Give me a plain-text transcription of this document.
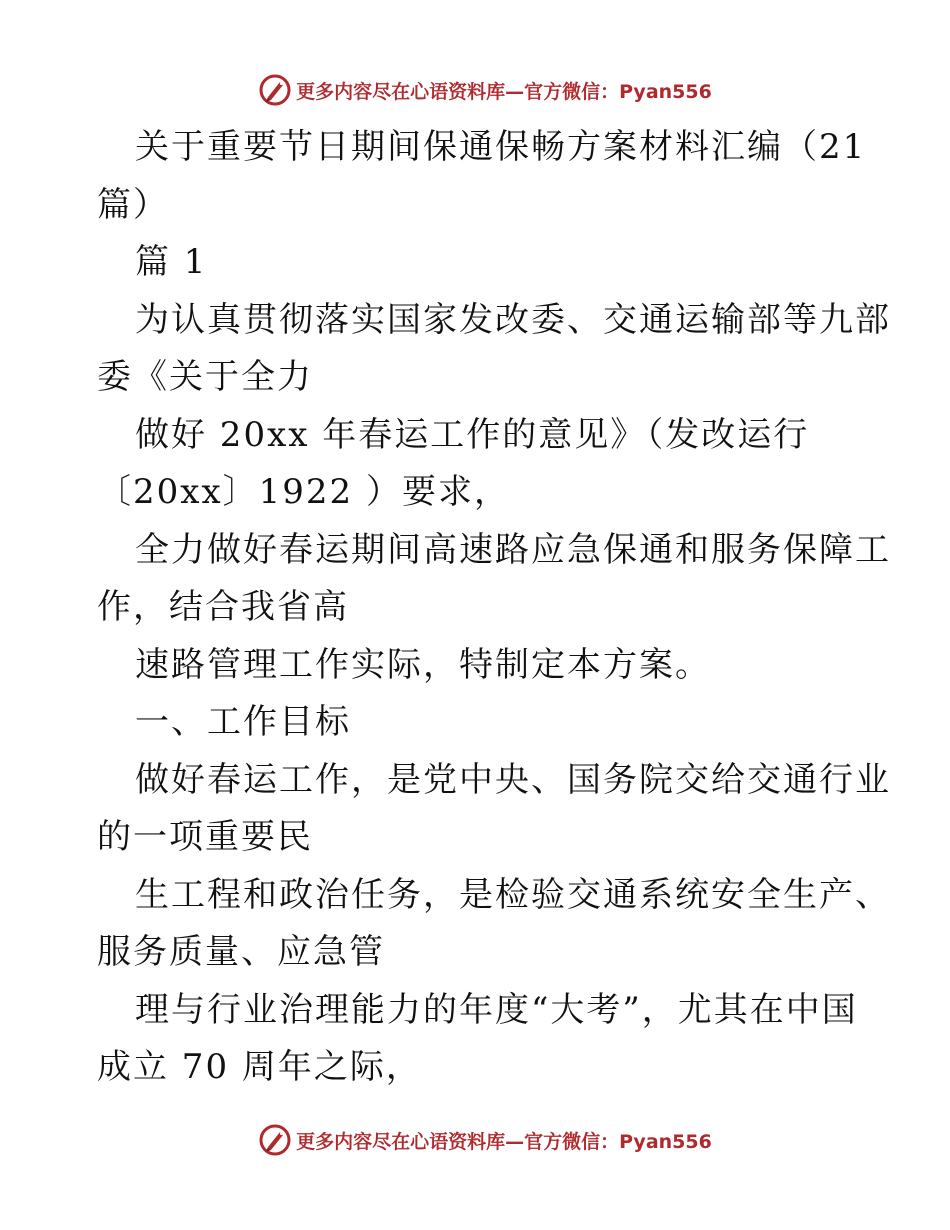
更多内容尽在心语资料库—官方微信：Pyan556
关于重要节日期间保通保畅方案材料汇编（21
篇）
篇 1
为认真贯彻落实国家发改委、交通运输部等九部
委《关于全力
做好 20xx 年春运工作的意见》（发改运行
〔20xx〕1922 ）要求，
全力做好春运期间高速路应急保通和服务保障工
作，结合我省高
速路管理工作实际，特制定本方案。
一、工作目标
做好春运工作，是党中央、国务院交给交通行业
的一项重要民
生工程和政治任务，是检验交通系统安全生产、
服务质量、应急管
理与行业治理能力的年度“大考”，尤其在中国
成立 70 周年之际，
更多内容尽在心语资料库—官方微信：Pyan556
